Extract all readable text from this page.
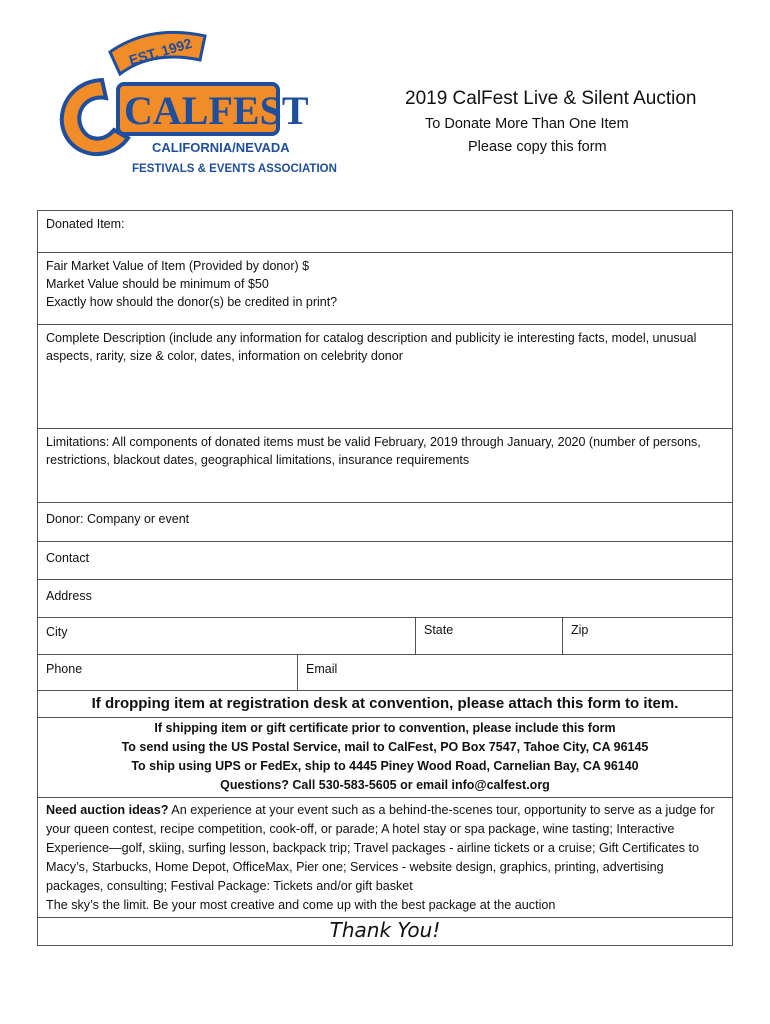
EST. 1992
CALFEST
CALIFORNIA/NEVADA
FESTIVALS & EVENTS ASSOCIATION
2019 CalFest Live & Silent Auction
To Donate More Than One Item
Please copy this form
Donated Item:
Fair Market Value of Item (Provided by donor) $
Market Value should be minimum of $50
Exactly how should the donor(s) be credited in print?
Complete Description (include any information for catalog description and publicity ie interesting facts, model, unusual aspects, rarity, size & color, dates, information on celebrity donor
Limitations: All components of donated items must be valid February, 2019 through January, 2020 (number of persons, restrictions, blackout dates, geographical limitations, insurance requirements
Donor: Company or event
Contact
Address
City	State	Zip
Phone	Email
If dropping item at registration desk at convention, please attach this form to item.
If shipping item or gift certificate prior to convention, please include this form
To send using the US Postal Service, mail to CalFest, PO Box 7547, Tahoe City, CA 96145
To ship using UPS or FedEx, ship to 4445 Piney Wood Road, Carnelian Bay, CA 96140
Questions? Call 530-583-5605 or email info@calfest.org
Need auction ideas? An experience at your event such as a behind-the-scenes tour, opportunity to serve as a judge for your queen contest, recipe competition, cook-off, or parade; A hotel stay or spa package, wine tasting; Interactive Experience—golf, skiing, surfing lesson, backpack trip; Travel packages - airline tickets or a cruise; Gift Certificates to Macy’s, Starbucks, Home Depot, OfficeMax, Pier one; Services - website design, graphics, printing, advertising packages, consulting; Festival Package: Tickets and/or gift basket
The sky’s the limit. Be your most creative and come up with the best package at the auction
Thank You!
